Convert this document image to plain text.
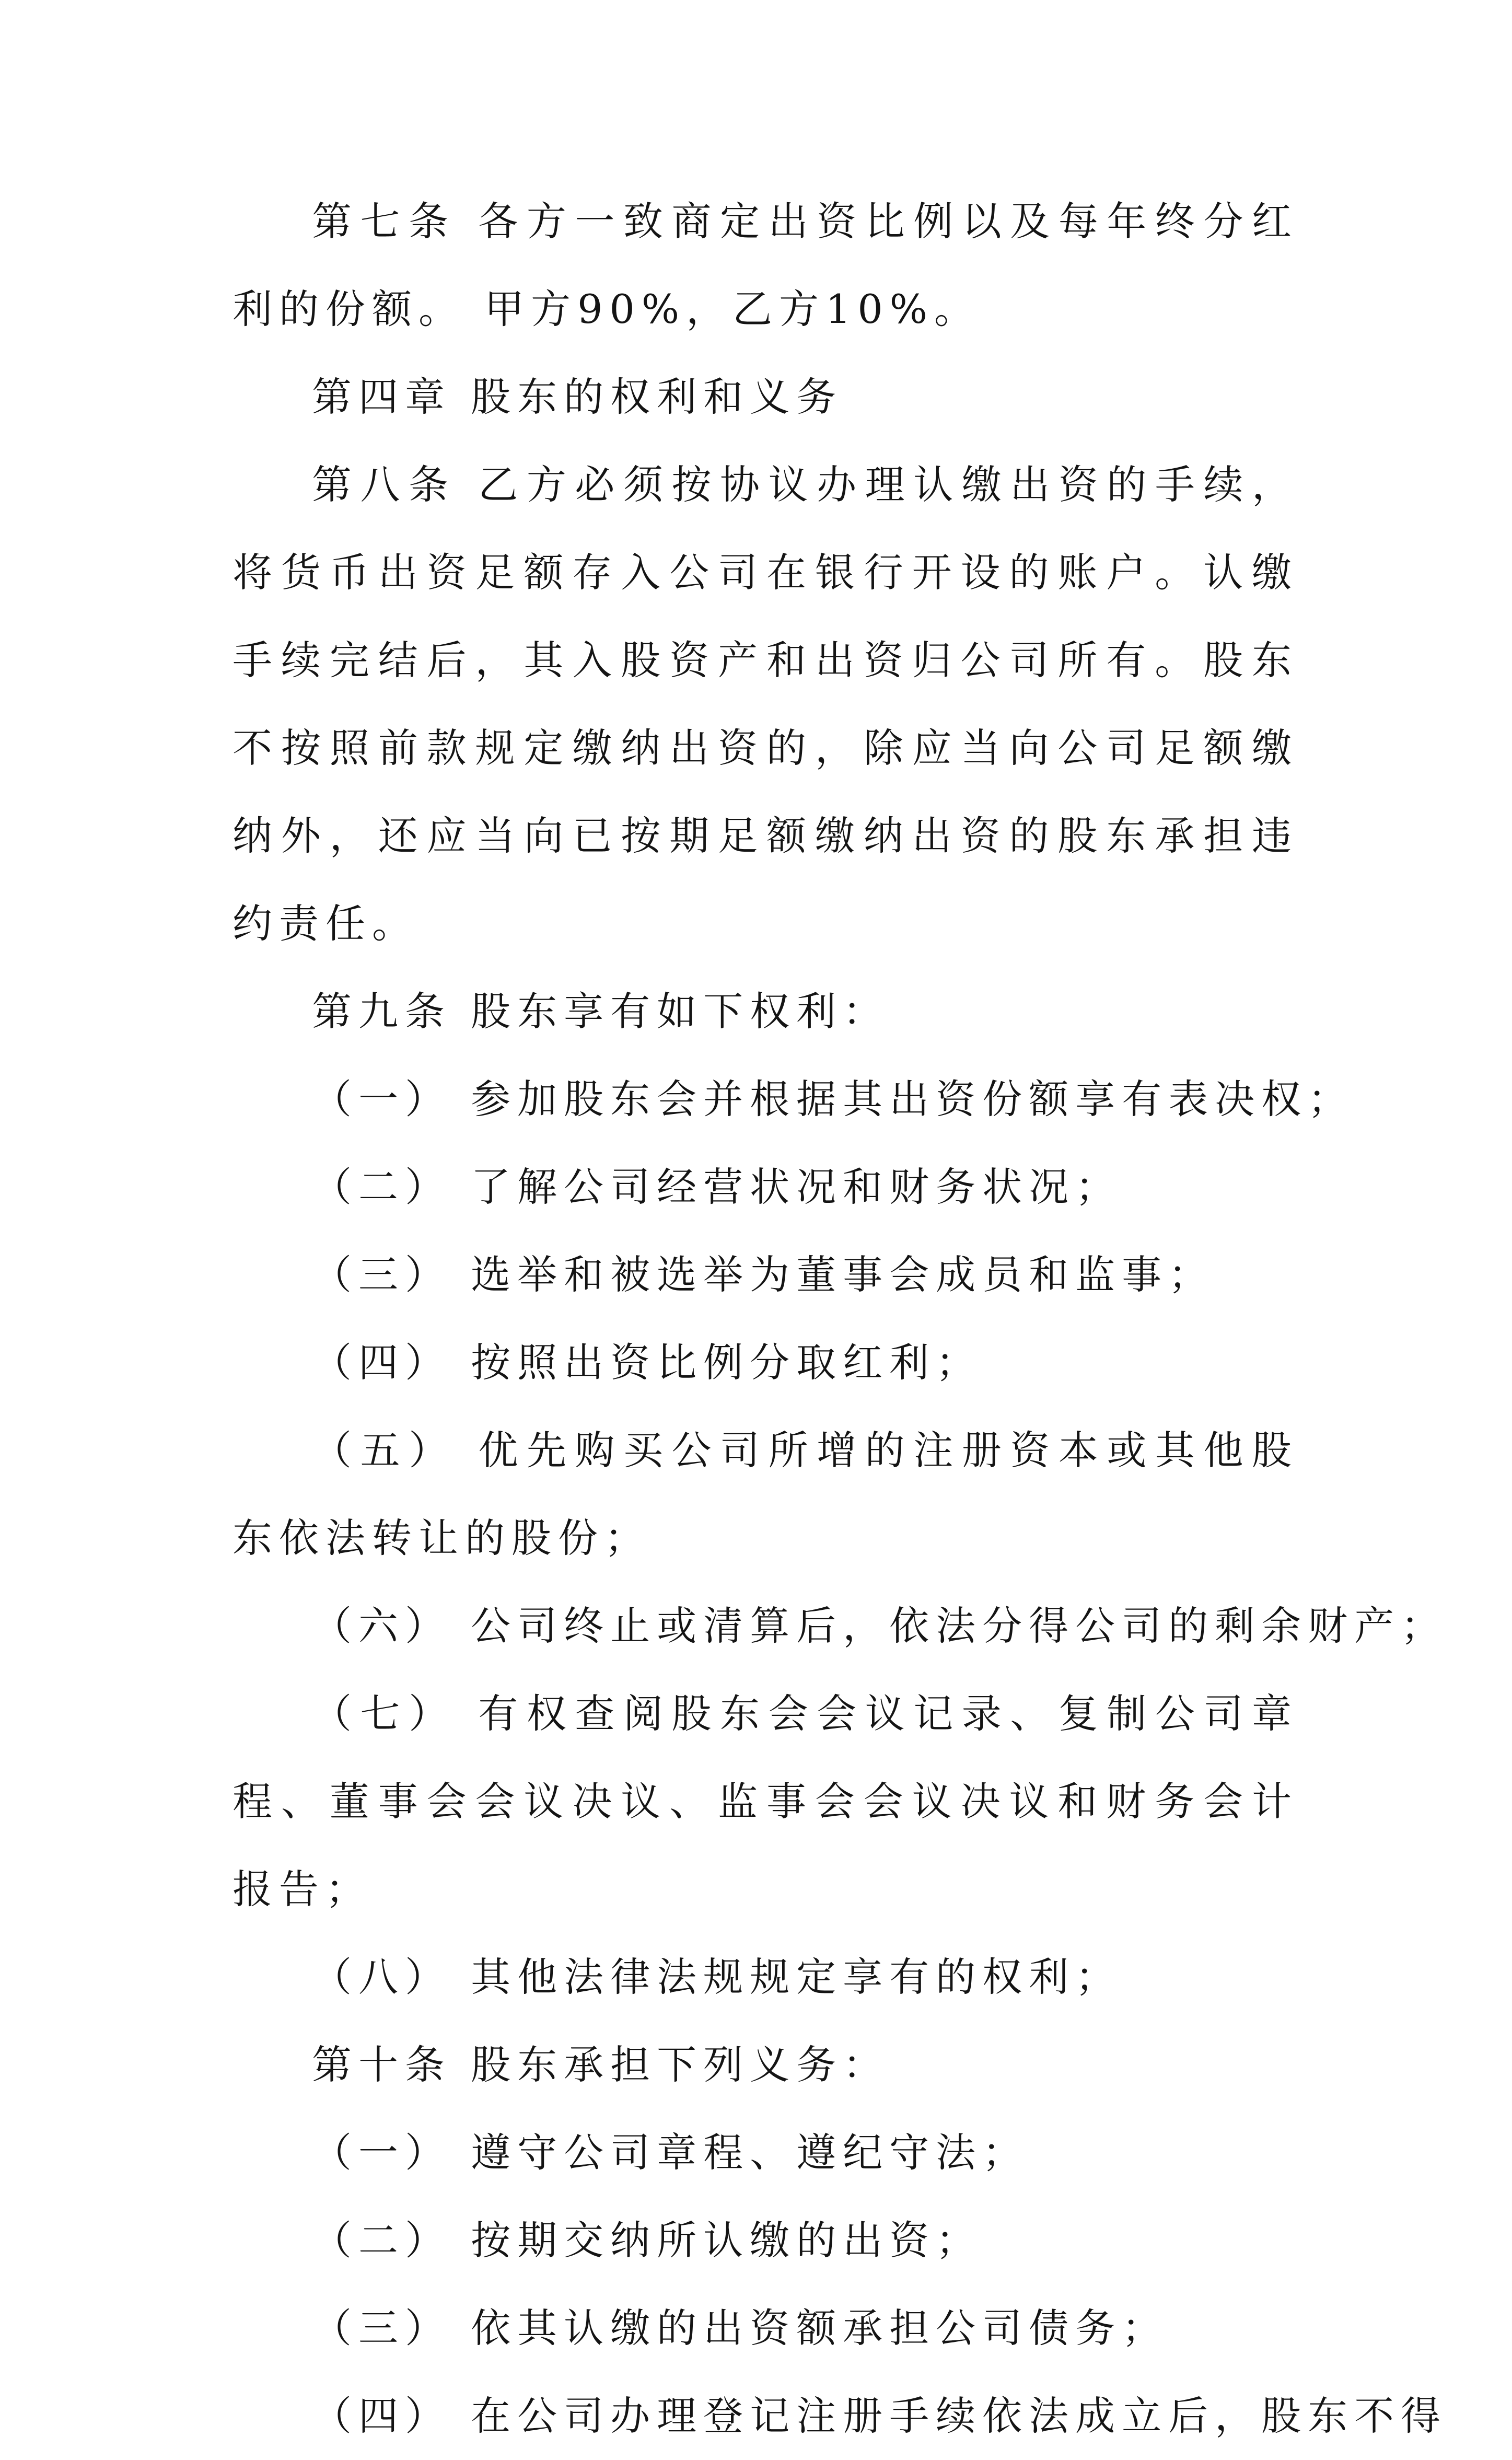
第七条 各方一致商定出资比例以及每年终分红利的份额。 甲方90%，乙方10%。

第四章 股东的权利和义务

第八条 乙方必须按协议办理认缴出资的手续，将货币出资足额存入公司在银行开设的账户。认缴手续完结后，其入股资产和出资归公司所有。股东不按照前款规定缴纳出资的，除应当向公司足额缴纳外，还应当向已按期足额缴纳出资的股东承担违约责任。

第九条 股东享有如下权利：

（一） 参加股东会并根据其出资份额享有表决权；

（二） 了解公司经营状况和财务状况；

（三） 选举和被选举为董事会成员和监事；

（四） 按照出资比例分取红利；

（五） 优先购买公司所增的注册资本或其他股东依法转让的股份；

（六） 公司终止或清算后，依法分得公司的剩余财产；

（七） 有权查阅股东会会议记录、复制公司章程、董事会会议决议、监事会会议决议和财务会计报告；

（八） 其他法律法规规定享有的权利；

第十条 股东承担下列义务：

（一） 遵守公司章程、遵纪守法；

（二） 按期交纳所认缴的出资；

（三） 依其认缴的出资额承担公司债务；

（四） 在公司办理登记注册手续依法成立后，股东不得
